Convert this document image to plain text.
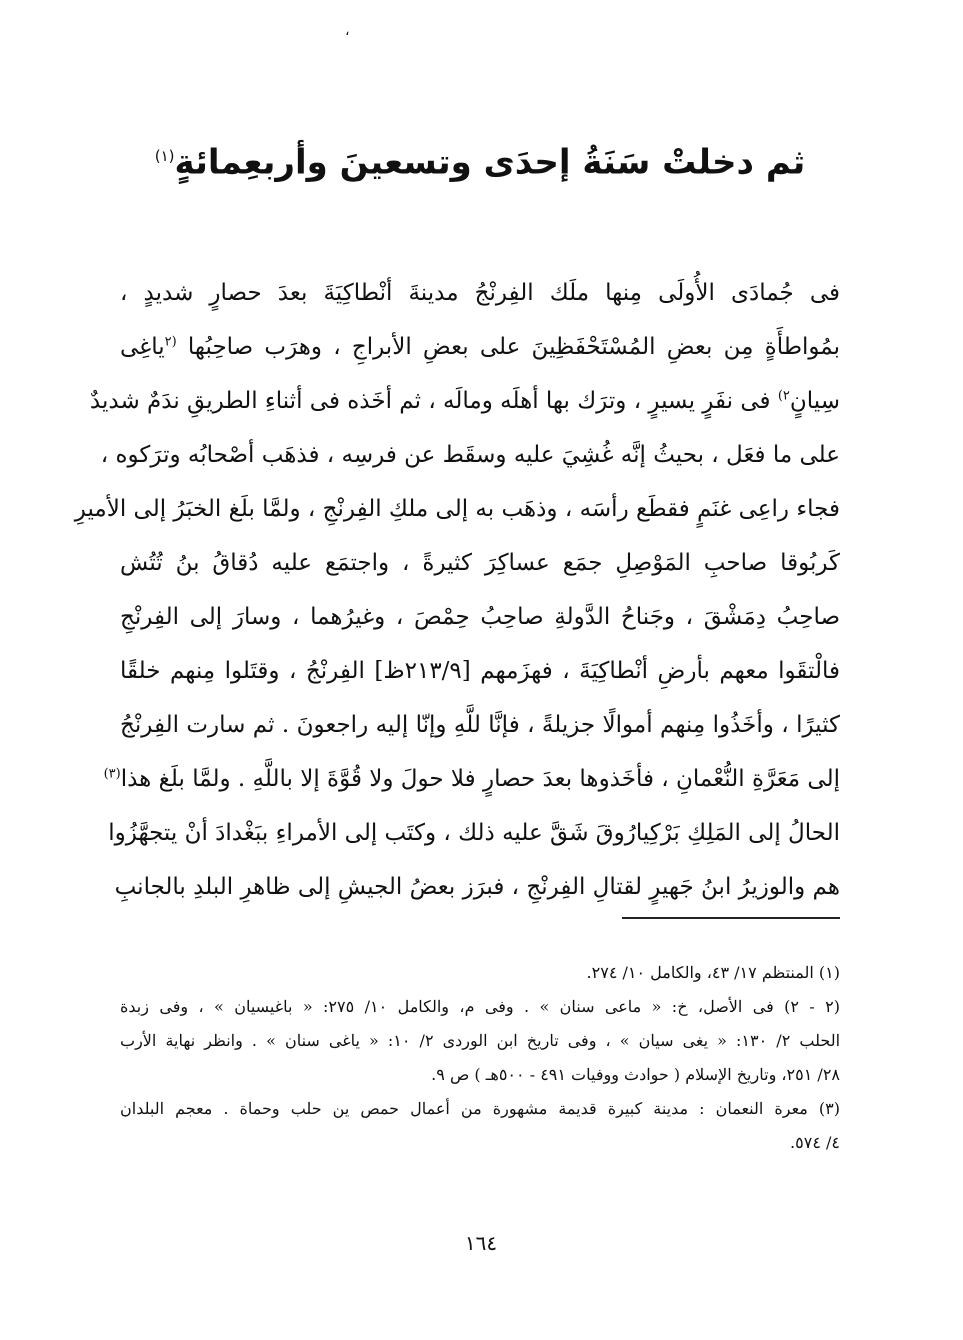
،
ثم دخلتْ سَنَةُ إحدَى وتسعينَ وأربعِمائةٍ$^{(١)}$
فى جُمادَى الأُولَى مِنها ملَك الفِرنْجُ مدينةَ أنْطاكِيَةَ بعدَ حصارٍ شديدٍ ،
بمُواطأَةٍ مِن بعضِ المُسْتَحْفَظِينَ على بعضِ الأبراجِ ، وهرَب صاحِبُها $^{(٢}$ياغِى
سِيانٍ$^{٢)}$ فى نفَرٍ يسيرٍ ، وترَك بها أهلَه ومالَه ، ثم أخَذه فى أثناءِ الطريقِ ندَمٌ شديدٌ
على ما فعَل ، بحيثُ إنَّه غُشِيَ عليه وسقَط عن فرسِه ، فذهَب أصْحابُه وترَكوه ،
فجاء راعِى غنَمٍ فقطَع رأسَه ، وذهَب به إلى ملكِ الفِرنْجِ ، ولمَّا بلَغ الخبَرُ إلى الأميرِ
كَربُوقا صاحبِ المَوْصِلِ جمَع عساكِرَ كثيرةً ، واجتمَع عليه دُقاقُ بنُ تُتُش
صاحِبُ دِمَشْقَ ، وجَناحُ الدَّولةِ صاحِبُ حِمْصَ ، وغيرُهما ، وسارَ إلى الفِرنْجِ
فالْتقَوا معهم بأرضِ أنْطاكِيَةَ ، فهزَمهم [٢١٣/٩ظ] الفِرنْجُ ، وقتَلوا مِنهم خلقًا
كثيرًا ، وأخَذُوا مِنهم أموالًا جزيلةً ، فإنَّا للَّهِ وإنّا إليه راجعونَ . ثم سارت الفِرنْجُ
إلى مَعَرَّةِ النُّعْمانِ ، فأخَذوها بعدَ حصارٍ فلا حولَ ولا قُوَّةَ إلا باللَّهِ . ولمَّا بلَغ هذا$^{(٣)}$
الحالُ إلى المَلِكِ بَرْكِيارُوقَ شَقَّ عليه ذلك ، وكتَب إلى الأمراءِ ببَغْدادَ أنْ يتجهَّزُوا
هم والوزيرُ ابنُ جَهيرٍ لقتالِ الفِرنْجِ ، فبرَز بعضُ الجيشِ إلى ظاهرِ البلدِ بالجانبِ
(١) المنتظم ١٧/ ٤٣، والكامل ١٠/ ٢٧٤.
(٢ - ٢) فى الأصل، خ: « ماعى سنان » . وفى م، والكامل ١٠/ ٢٧٥: « باغيسيان » ، وفى زبدة
الحلب ٢/ ١٣٠: « يغى سيان » ، وفى تاريخ ابن الوردى ٢/ ١٠: « ياغى سنان » . وانظر نهاية الأرب
٢٨/ ٢٥١، وتاريخ الإسلام ( حوادث ووفيات ٤٩١ - ٥٠٠هـ ) ص ٩.
(٣) معرة النعمان : مدينة كبيرة قديمة مشهورة من أعمال حمص ين حلب وحماة . معجم البلدان
٤/ ٥٧٤.
١٦٤
